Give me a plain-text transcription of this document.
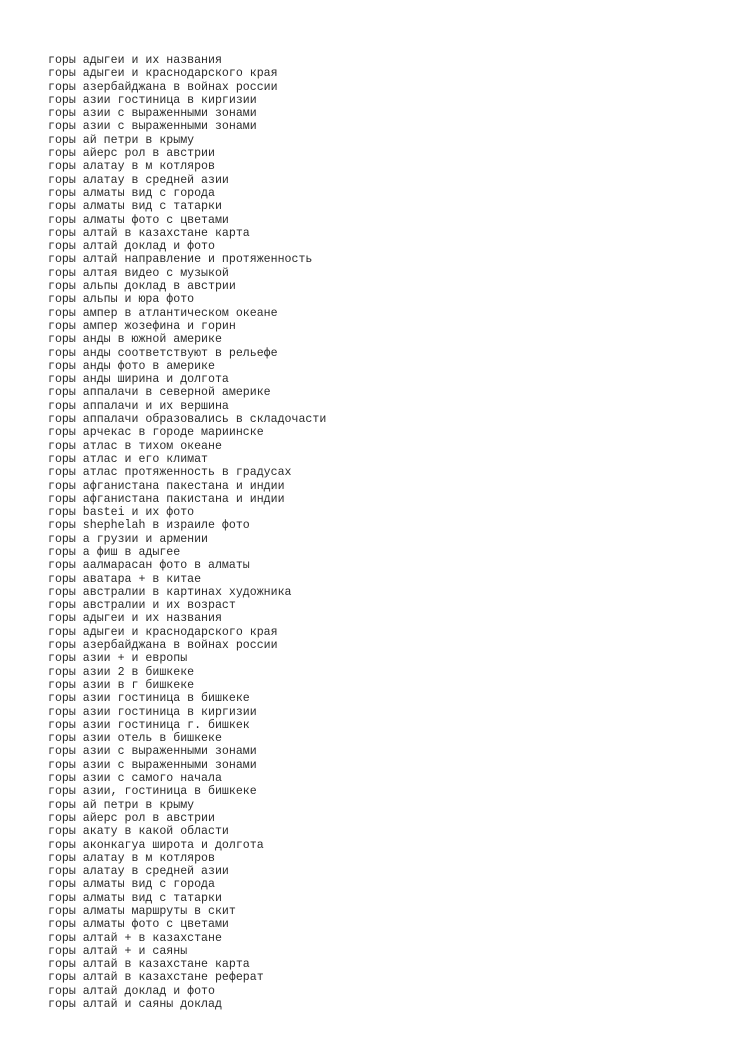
горы адыгеи и их названия
горы адыгеи и краснодарского края
горы азербайджана в войнах россии
горы азии гостиница в киргизии
горы азии с выраженными зонами
горы азии с выраженными зонами
горы ай петри в крыму
горы айерс рол в австрии
горы алатау в м котляров
горы алатау в средней азии
горы алматы вид с города
горы алматы вид с татарки
горы алматы фото с цветами
горы алтай в казахстане карта
горы алтай доклад и фото
горы алтай направление и протяженность
горы алтая видео с музыкой
горы альпы доклад в австрии
горы альпы и юра фото
горы ампер в атлантическом океане
горы ампер жозефина и горин
горы анды в южной америке
горы анды соответствуют в рельефе
горы анды фото в америке
горы анды ширина и долгота
горы аппалачи в северной америке
горы аппалачи и их вершина
горы аппалачи образовались в складочасти
горы арчекас в городе мариинске
горы атлас в тихом океане
горы атлас и его климат
горы атлас протяженность в градусах
горы афганистана пакестана и индии
горы афганистана пакистана и индии
горы bastei и их фото
горы shephelah в израиле фото
горы а грузии и армении
горы а фиш в адыгее
горы аалмарасан фото в алматы
горы аватара + в китае
горы австралии в картинах художника
горы австралии и их возраст
горы адыгеи и их названия
горы адыгеи и краснодарского края
горы азербайджана в войнах россии
горы азии + и европы
горы азии 2 в бишкеке
горы азии в г бишкеке
горы азии гостиница в бишкеке
горы азии гостиница в киргизии
горы азии гостиница г. бишкек
горы азии отель в бишкеке
горы азии с выраженными зонами
горы азии с выраженными зонами
горы азии с самого начала
горы азии, гостиница в бишкеке
горы ай петри в крыму
горы айерс рол в австрии
горы акату в какой области
горы аконкагуа широта и долгота
горы алатау в м котляров
горы алатау в средней азии
горы алматы вид с города
горы алматы вид с татарки
горы алматы маршруты в скит
горы алматы фото с цветами
горы алтай + в казахстане
горы алтай + и саяны
горы алтай в казахстане карта
горы алтай в казахстане реферат
горы алтай доклад и фото
горы алтай и саяны доклад
